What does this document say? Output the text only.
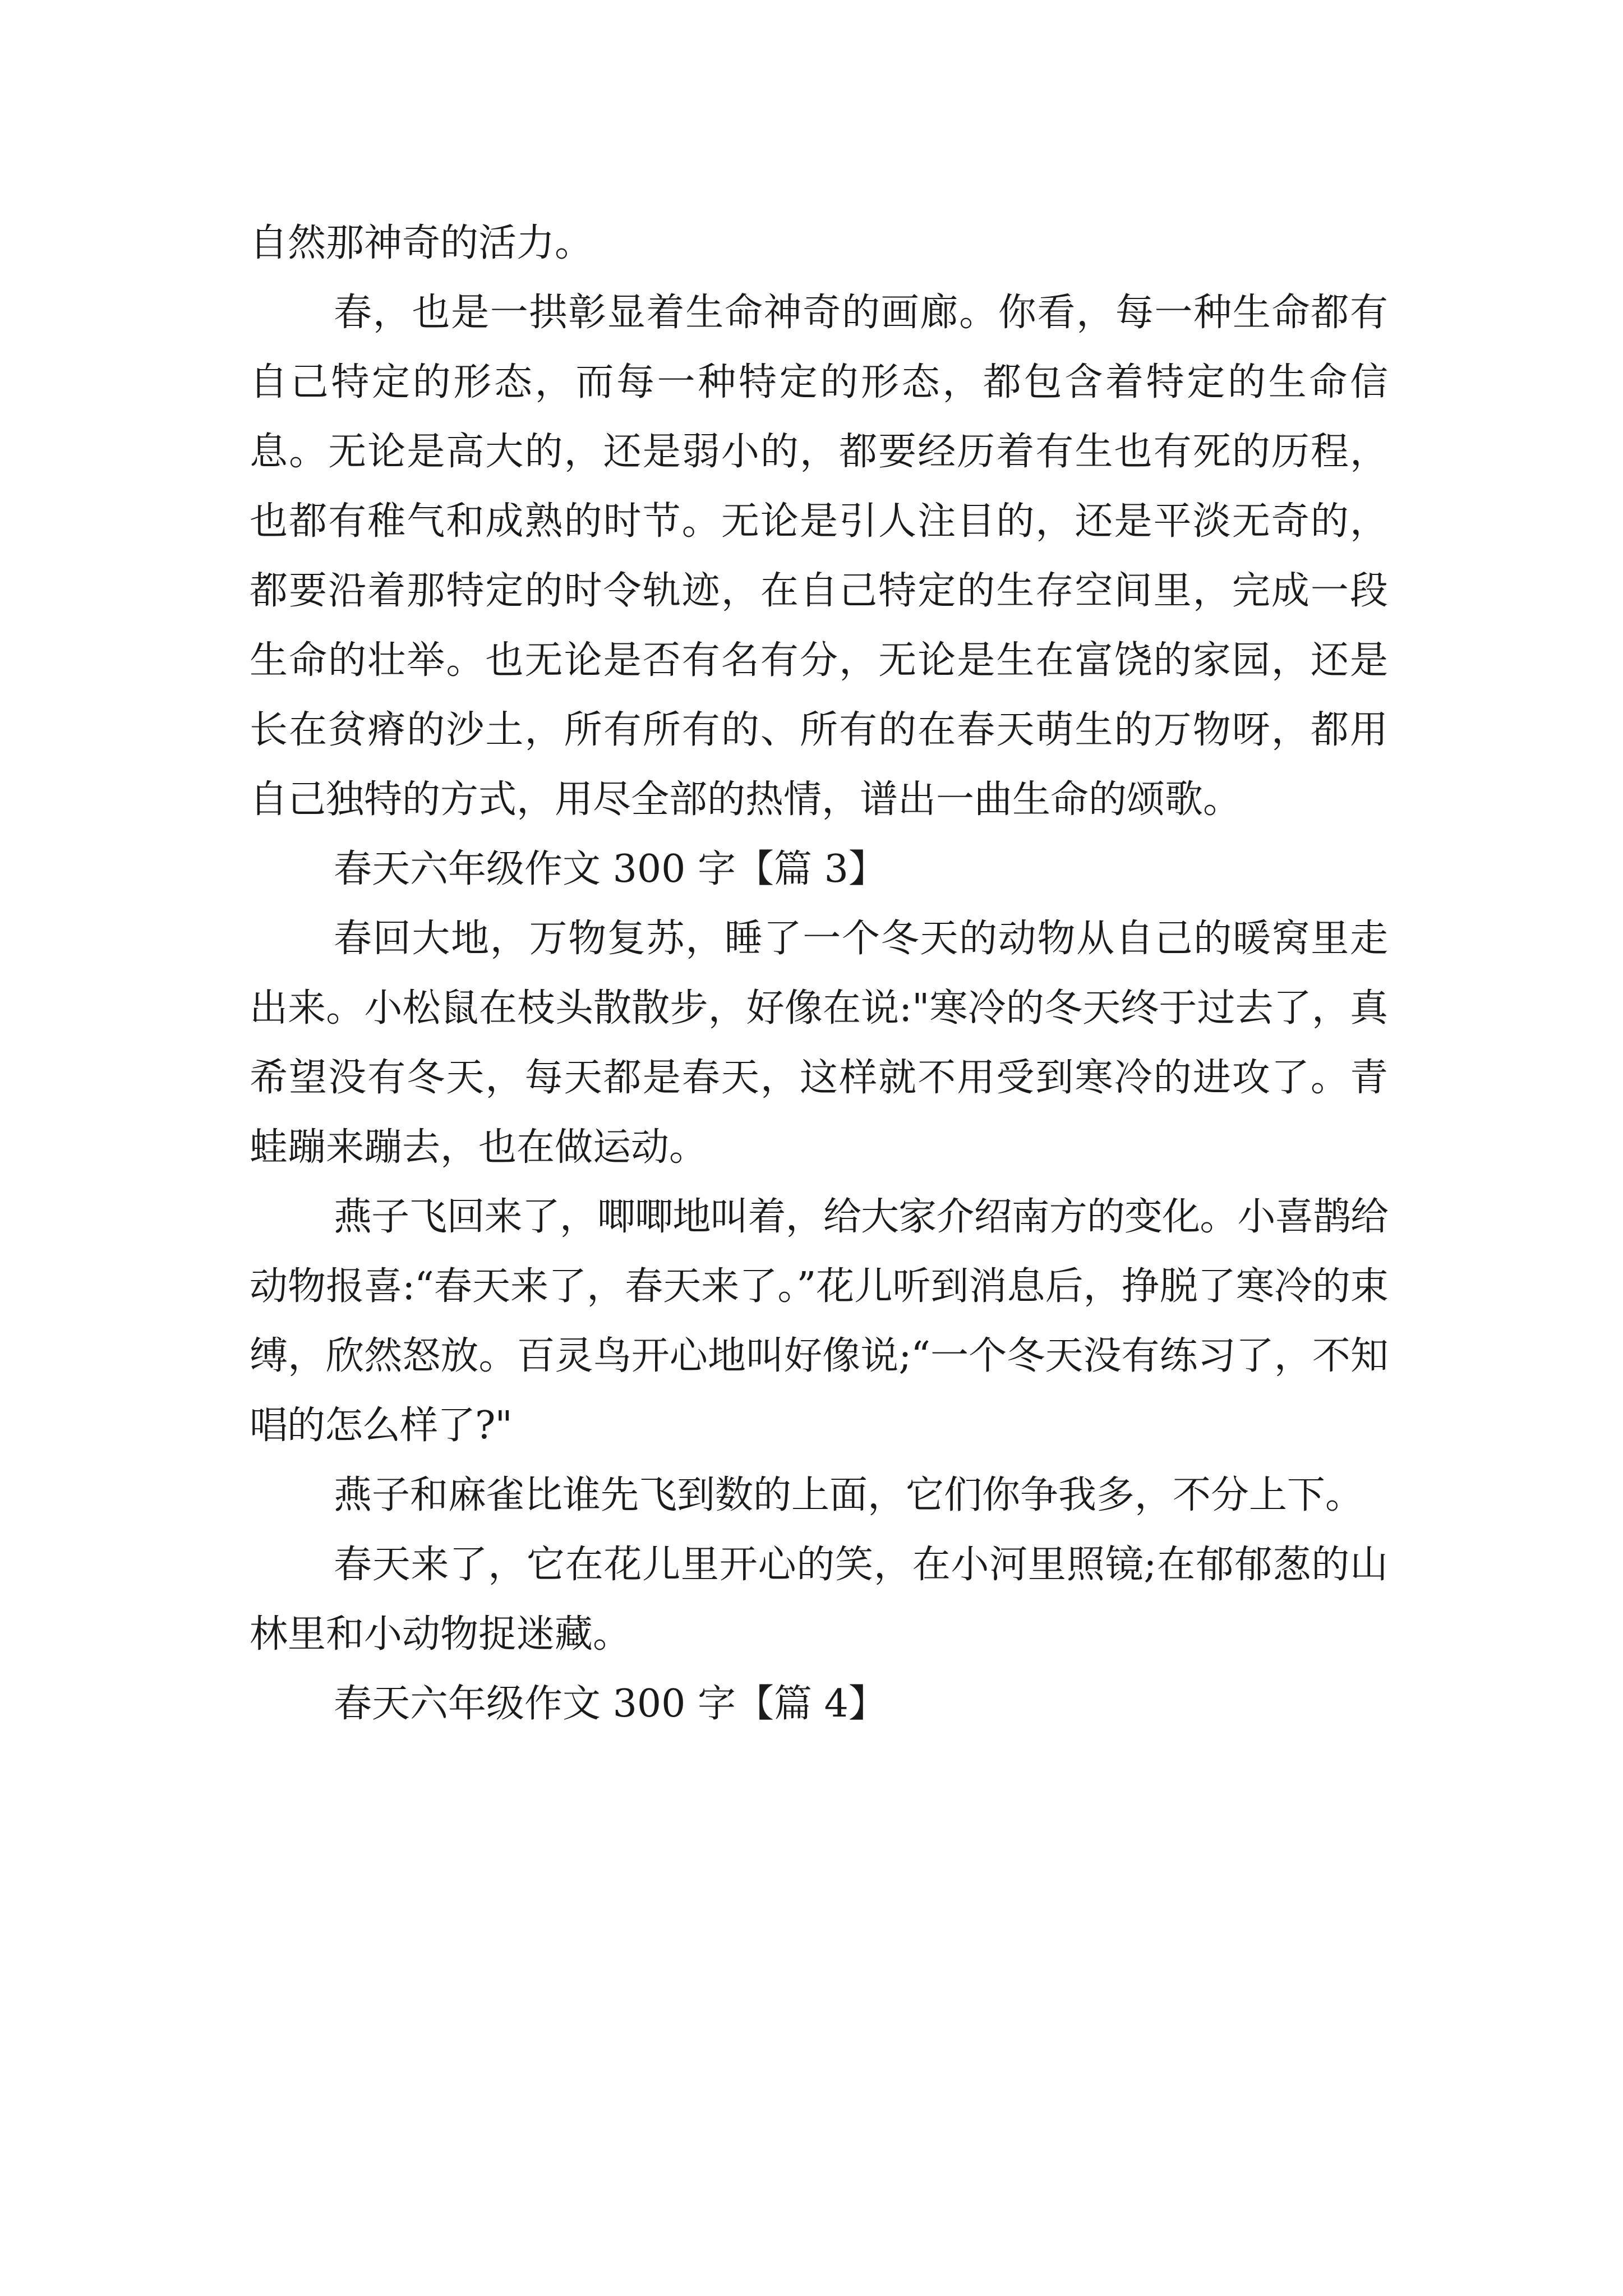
自然那神奇的活力。

春，也是一拱彰显着生命神奇的画廊。你看，每一种生命都有自己特定的形态，而每一种特定的形态，都包含着特定的生命信息。无论是高大的，还是弱小的，都要经历着有生也有死的历程，也都有稚气和成熟的时节。无论是引人注目的，还是平淡无奇的，都要沿着那特定的时令轨迹，在自己特定的生存空间里，完成一段生命的壮举。也无论是否有名有分，无论是生在富饶的家园，还是长在贫瘠的沙土，所有所有的、所有的在春天萌生的万物呀，都用自己独特的方式，用尽全部的热情，谱出一曲生命的颂歌。

春天六年级作文 300 字【篇 3】

春回大地，万物复苏，睡了一个冬天的动物从自己的暖窝里走出来。小松鼠在枝头散散步，好像在说:"寒冷的冬天终于过去了，真希望没有冬天，每天都是春天，这样就不用受到寒冷的进攻了。青蛙蹦来蹦去，也在做运动。

燕子飞回来了，唧唧地叫着，给大家介绍南方的变化。小喜鹊给动物报喜:“春天来了，春天来了。”花儿听到消息后，挣脱了寒冷的束缚，欣然怒放。百灵鸟开心地叫好像说;“一个冬天没有练习了，不知唱的怎么样了?"

燕子和麻雀比谁先飞到数的上面，它们你争我多，不分上下。

春天来了，它在花儿里开心的笑，在小河里照镜;在郁郁葱的山林里和小动物捉迷藏。

春天六年级作文 300 字【篇 4】
